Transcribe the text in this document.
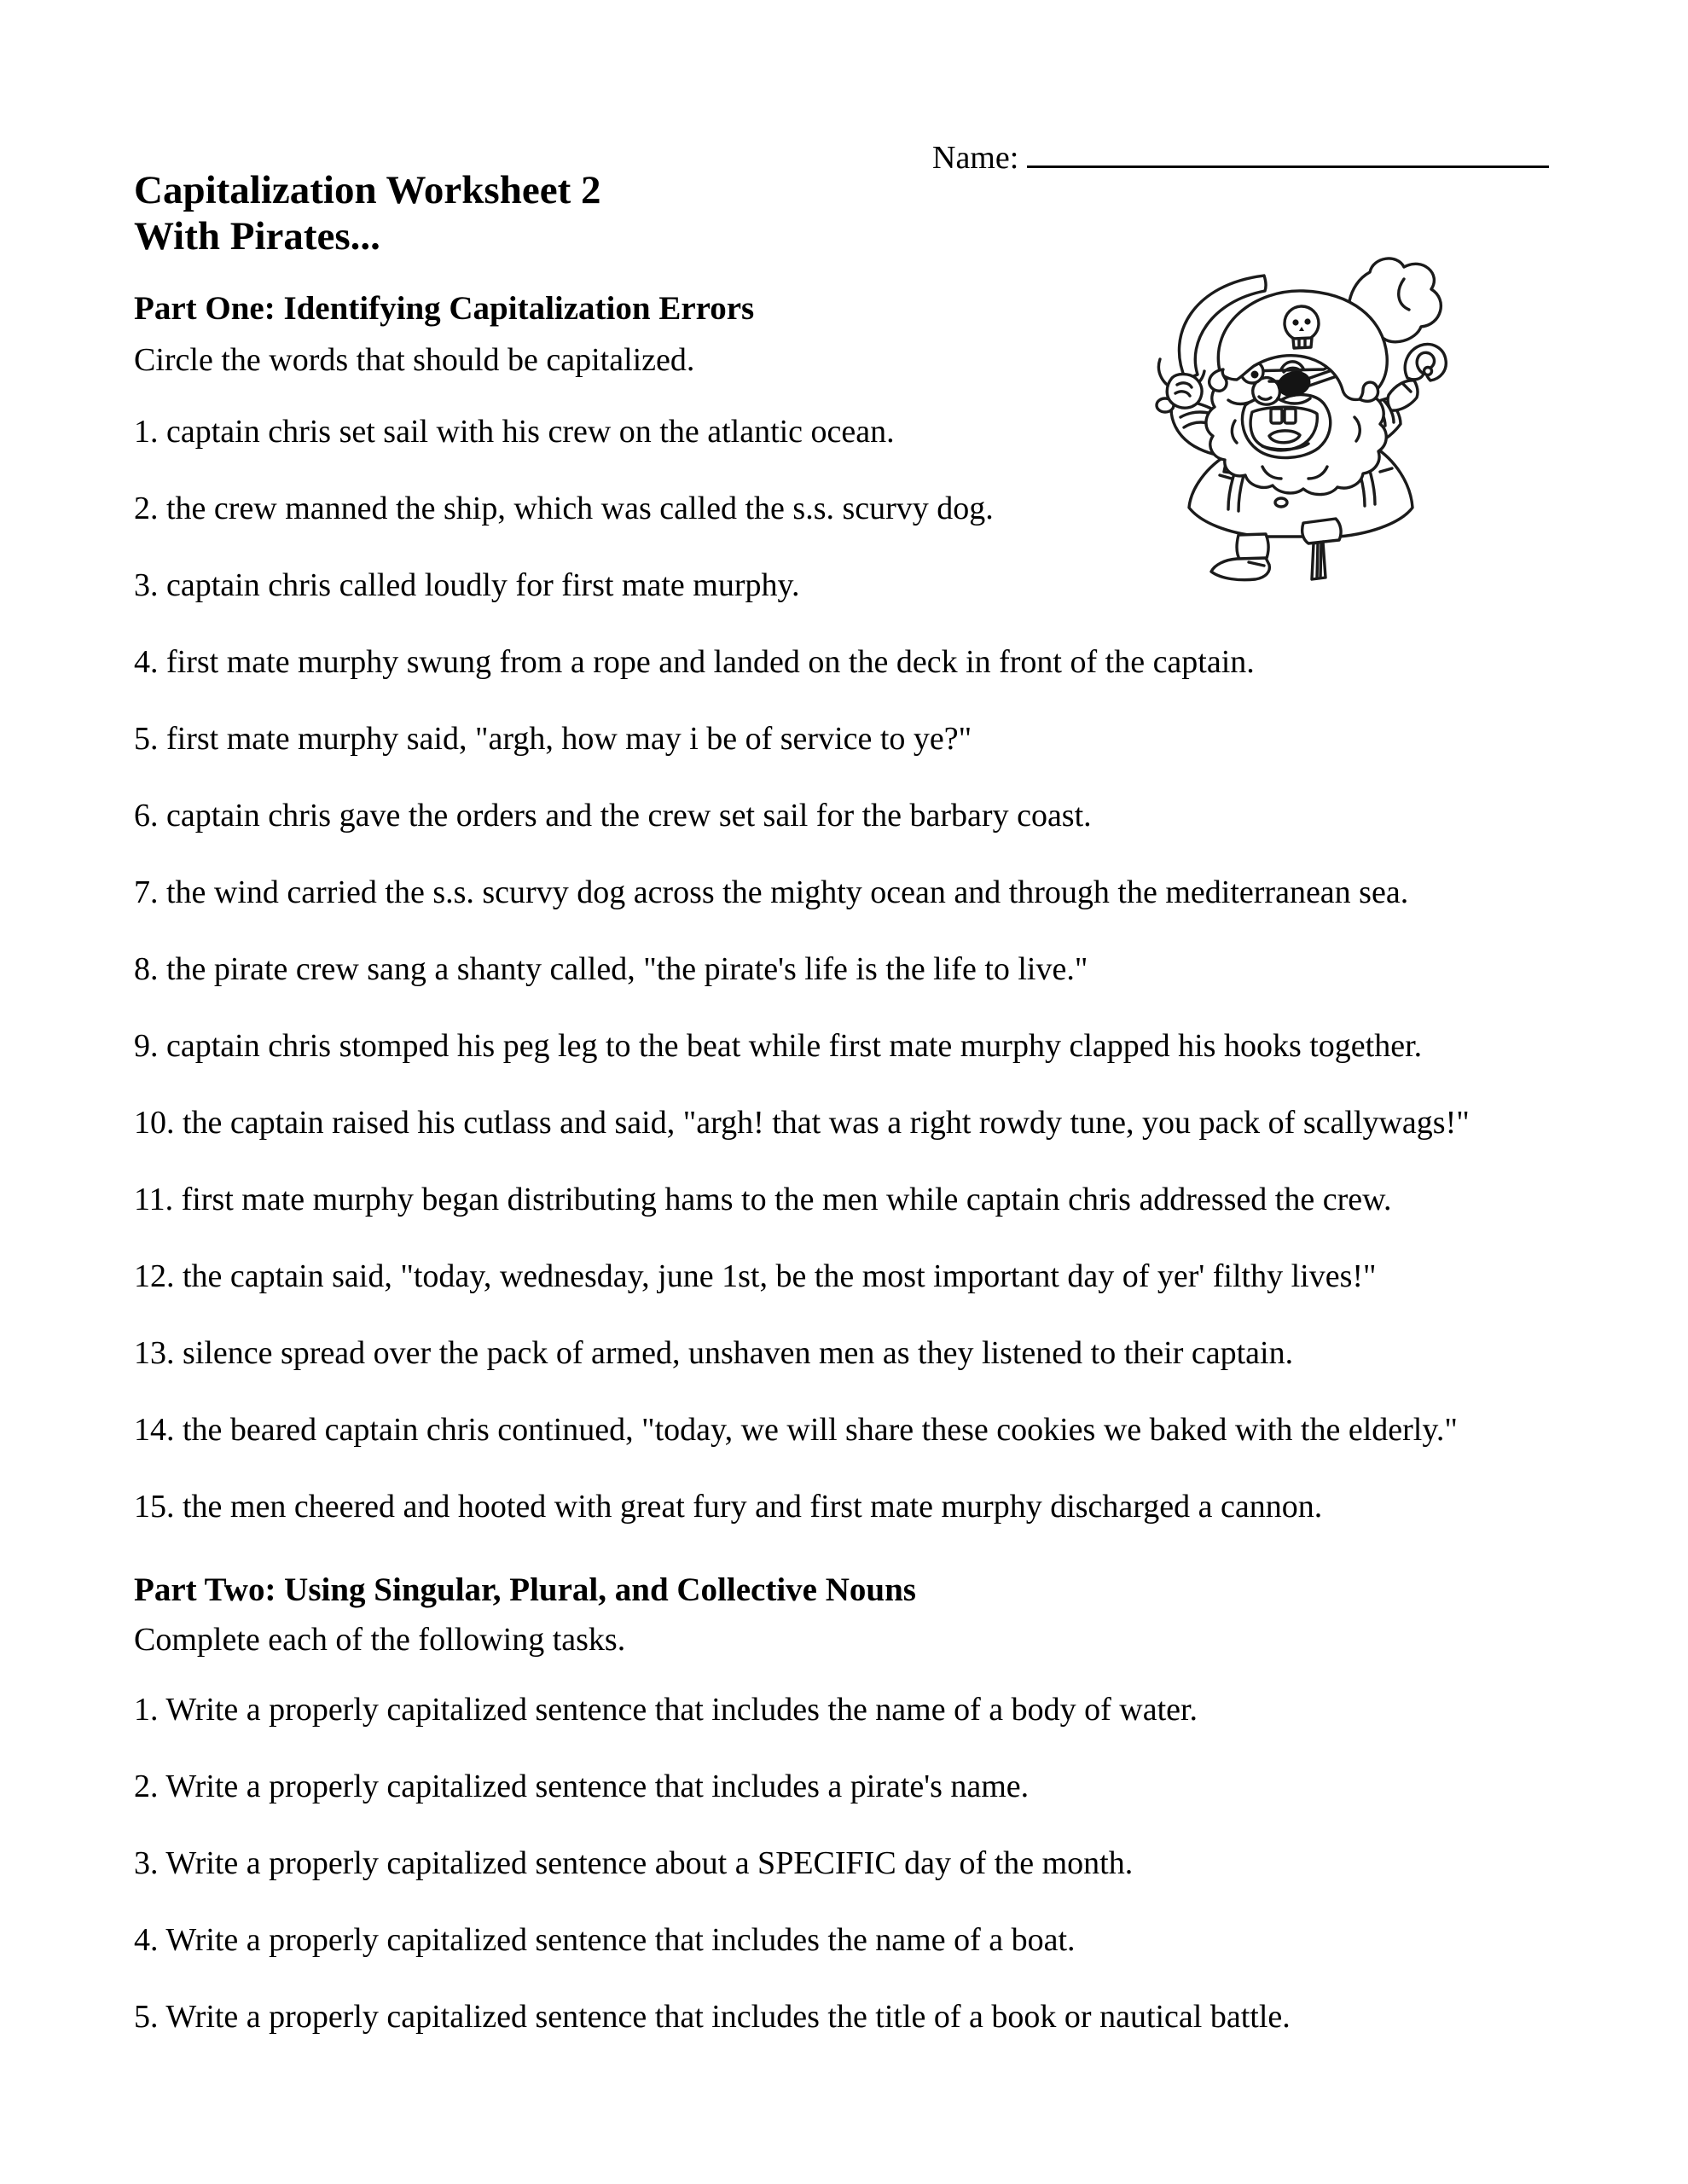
Name:
Capitalization Worksheet 2
With Pirates...
Part One: Identifying Capitalization Errors

Circle the words that should be capitalized.

1. captain chris set sail with his crew on the atlantic ocean.

2. the crew manned the ship, which was called the s.s. scurvy dog.

3. captain chris called loudly for first mate murphy.

4. first mate murphy swung from a rope and landed on the deck in front of the captain.

5. first mate murphy said, "argh, how may i be of service to ye?"

6. captain chris gave the orders and the crew set sail for the barbary coast.

7. the wind carried the s.s. scurvy dog across the mighty ocean and through the mediterranean sea.

8. the pirate crew sang a shanty called, "the pirate's life is the life to live."

9. captain chris stomped his peg leg to the beat while first mate murphy clapped his hooks together.

10. the captain raised his cutlass and said, "argh! that was a right rowdy tune, you pack of scallywags!"

11. first mate murphy began distributing hams to the men while captain chris addressed the crew.

12. the captain said, "today, wednesday, june 1st, be the most important day of yer' filthy lives!"

13. silence spread over the pack of armed, unshaven men as they listened to their captain.

14. the beared captain chris continued, "today, we will share these cookies we baked with the elderly."

15. the men cheered and hooted with great fury and first mate murphy discharged a cannon.

Part Two: Using Singular, Plural, and Collective Nouns

Complete each of the following tasks.

1. Write a properly capitalized sentence that includes the name of a body of water.

2. Write a properly capitalized sentence that includes a pirate's name.

3. Write a properly capitalized sentence about a SPECIFIC day of the month.

4. Write a properly capitalized sentence that includes the name of a boat.

5. Write a properly capitalized sentence that includes the title of a book or nautical battle.
